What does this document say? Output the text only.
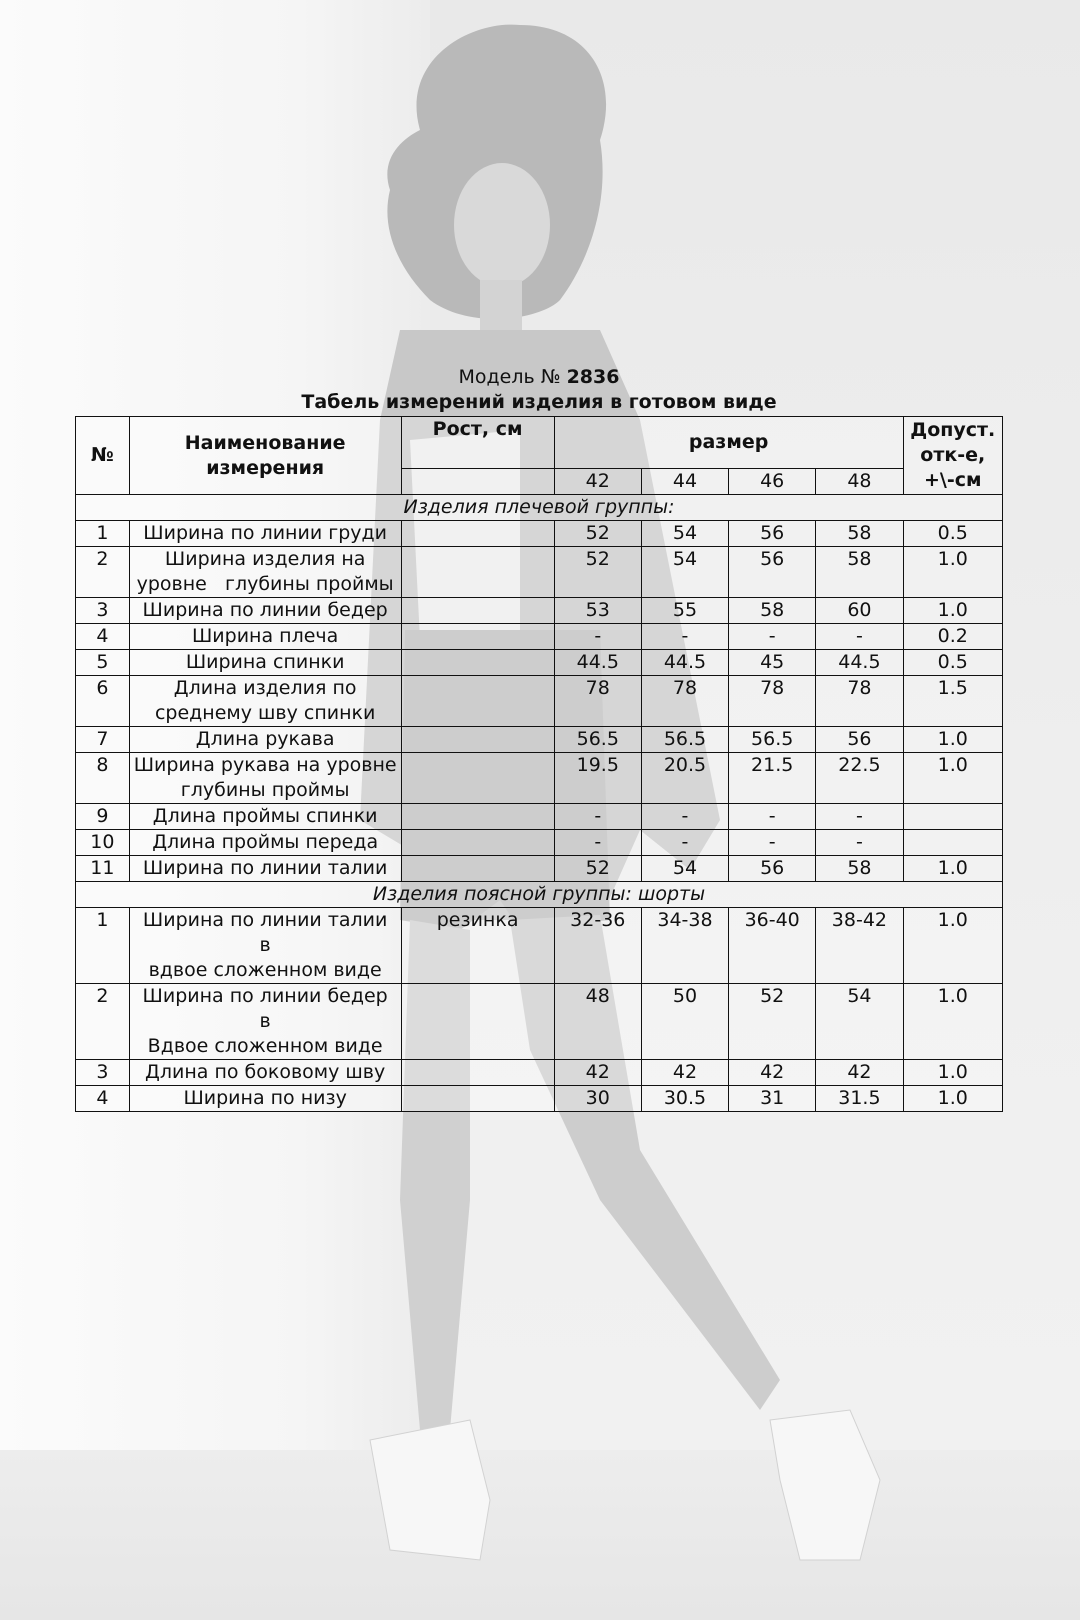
Модель № 2836
Табель измерений изделия в готовом виде
№	Наименование измерения	Рост, см	размер				Допуст. отк-е, +\-см
			42	44	46	48	
Изделия плечевой группы:							
1	Ширина по линии груди		52	54	56	58	0.5
2	Ширина изделия на уровне   глубины проймы		52	54	56	58	1.0
3	Ширина по линии бедер		53	55	58	60	1.0
4	Ширина плеча		-	-	-	-	0.2
5	Ширина спинки		44.5	44.5	45	44.5	0.5
6	Длина изделия по среднему шву спинки		78	78	78	78	1.5
7	Длина рукава		56.5	56.5	56.5	56	1.0
8	Ширина рукава на уровне глубины проймы		19.5	20.5	21.5	22.5	1.0
9	Длина проймы спинки		-	-	-	-	
10	Длина проймы переда		-	-	-	-	
11	Ширина по линии талии		52	54	56	58	1.0
Изделия поясной группы: шорты							
1	Ширина по линии талии
в
вдвое сложенном виде	резинка	32-36	34-38	36-40	38-42	1.0
2	Ширина по линии бедер
в
Вдвое сложенном виде		48	50	52	54	1.0
3	Длина по боковому шву		42	42	42	42	1.0
4	Ширина по низу		30	30.5	31	31.5	1.0
